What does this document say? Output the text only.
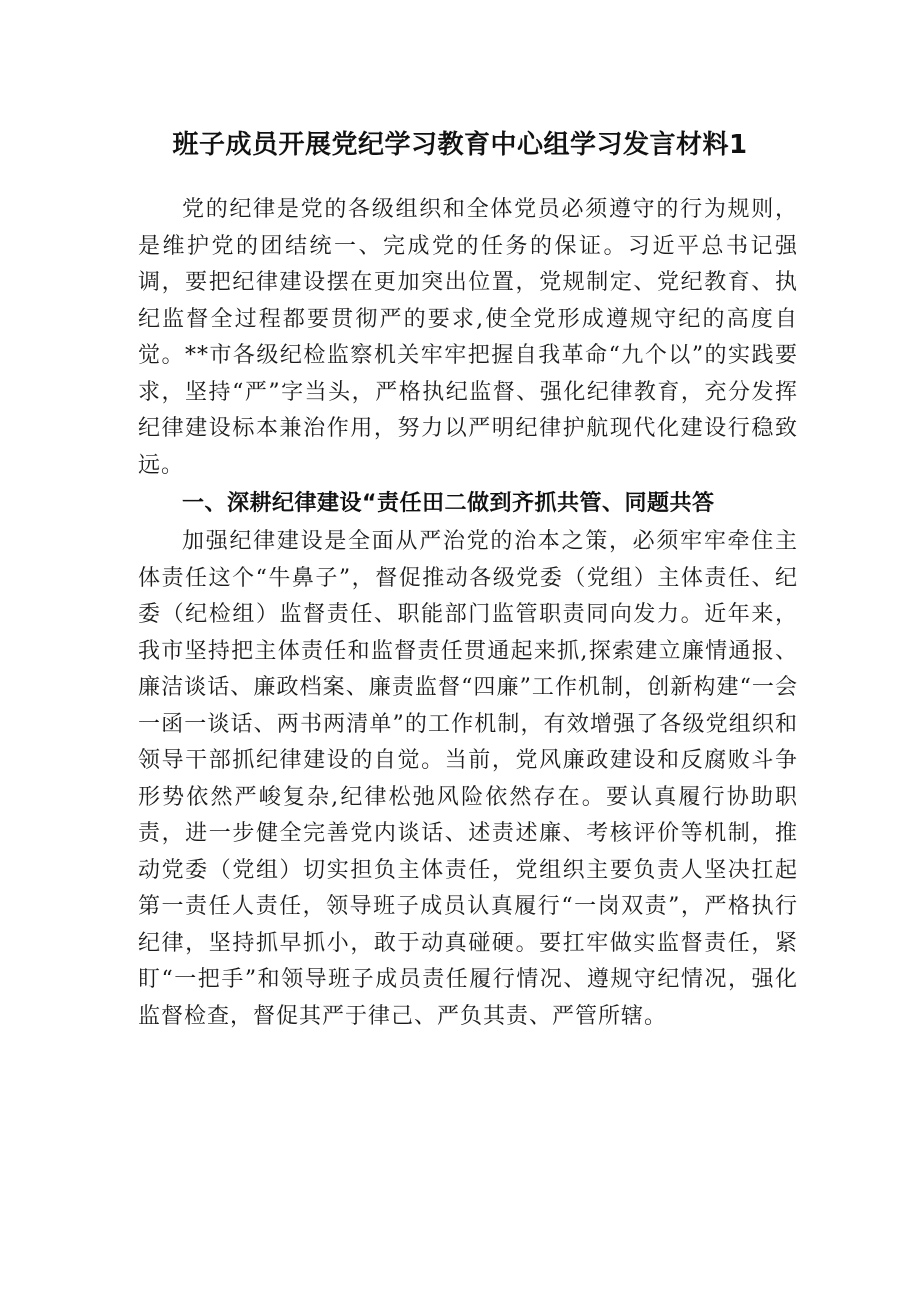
班子成员开展党纪学习教育中心组学习发言材料1

党的纪律是党的各级组织和全体党员必须遵守的行为规则，是维护党的团结统一、完成党的任务的保证。习近平总书记强调，要把纪律建设摆在更加突出位置，党规制定、党纪教育、执纪监督全过程都要贯彻严的要求,使全党形成遵规守纪的高度自觉。**市各级纪检监察机关牢牢把握自我革命“九个以”的实践要求，坚持“严”字当头，严格执纪监督、强化纪律教育，充分发挥纪律建设标本兼治作用，努力以严明纪律护航现代化建设行稳致远。

一、深耕纪律建设“责任田二做到齐抓共管、同题共答

加强纪律建设是全面从严治党的治本之策，必须牢牢牵住主体责任这个“牛鼻子”，督促推动各级党委（党组）主体责任、纪委（纪检组）监督责任、职能部门监管职责同向发力。近年来，我市坚持把主体责任和监督责任贯通起来抓,探索建立廉情通报、廉洁谈话、廉政档案、廉责监督“四廉”工作机制，创新构建“一会一函一谈话、两书两清单”的工作机制，有效增强了各级党组织和领导干部抓纪律建设的自觉。当前，党风廉政建设和反腐败斗争形势依然严峻复杂,纪律松弛风险依然存在。要认真履行协助职责，进一步健全完善党内谈话、述责述廉、考核评价等机制，推动党委（党组）切实担负主体责任，党组织主要负责人坚决扛起第一责任人责任，领导班子成员认真履行“一岗双责”，严格执行纪律，坚持抓早抓小，敢于动真碰硬。要扛牢做实监督责任，紧盯“一把手”和领导班子成员责任履行情况、遵规守纪情况，强化监督检查，督促其严于律己、严负其责、严管所辖。
